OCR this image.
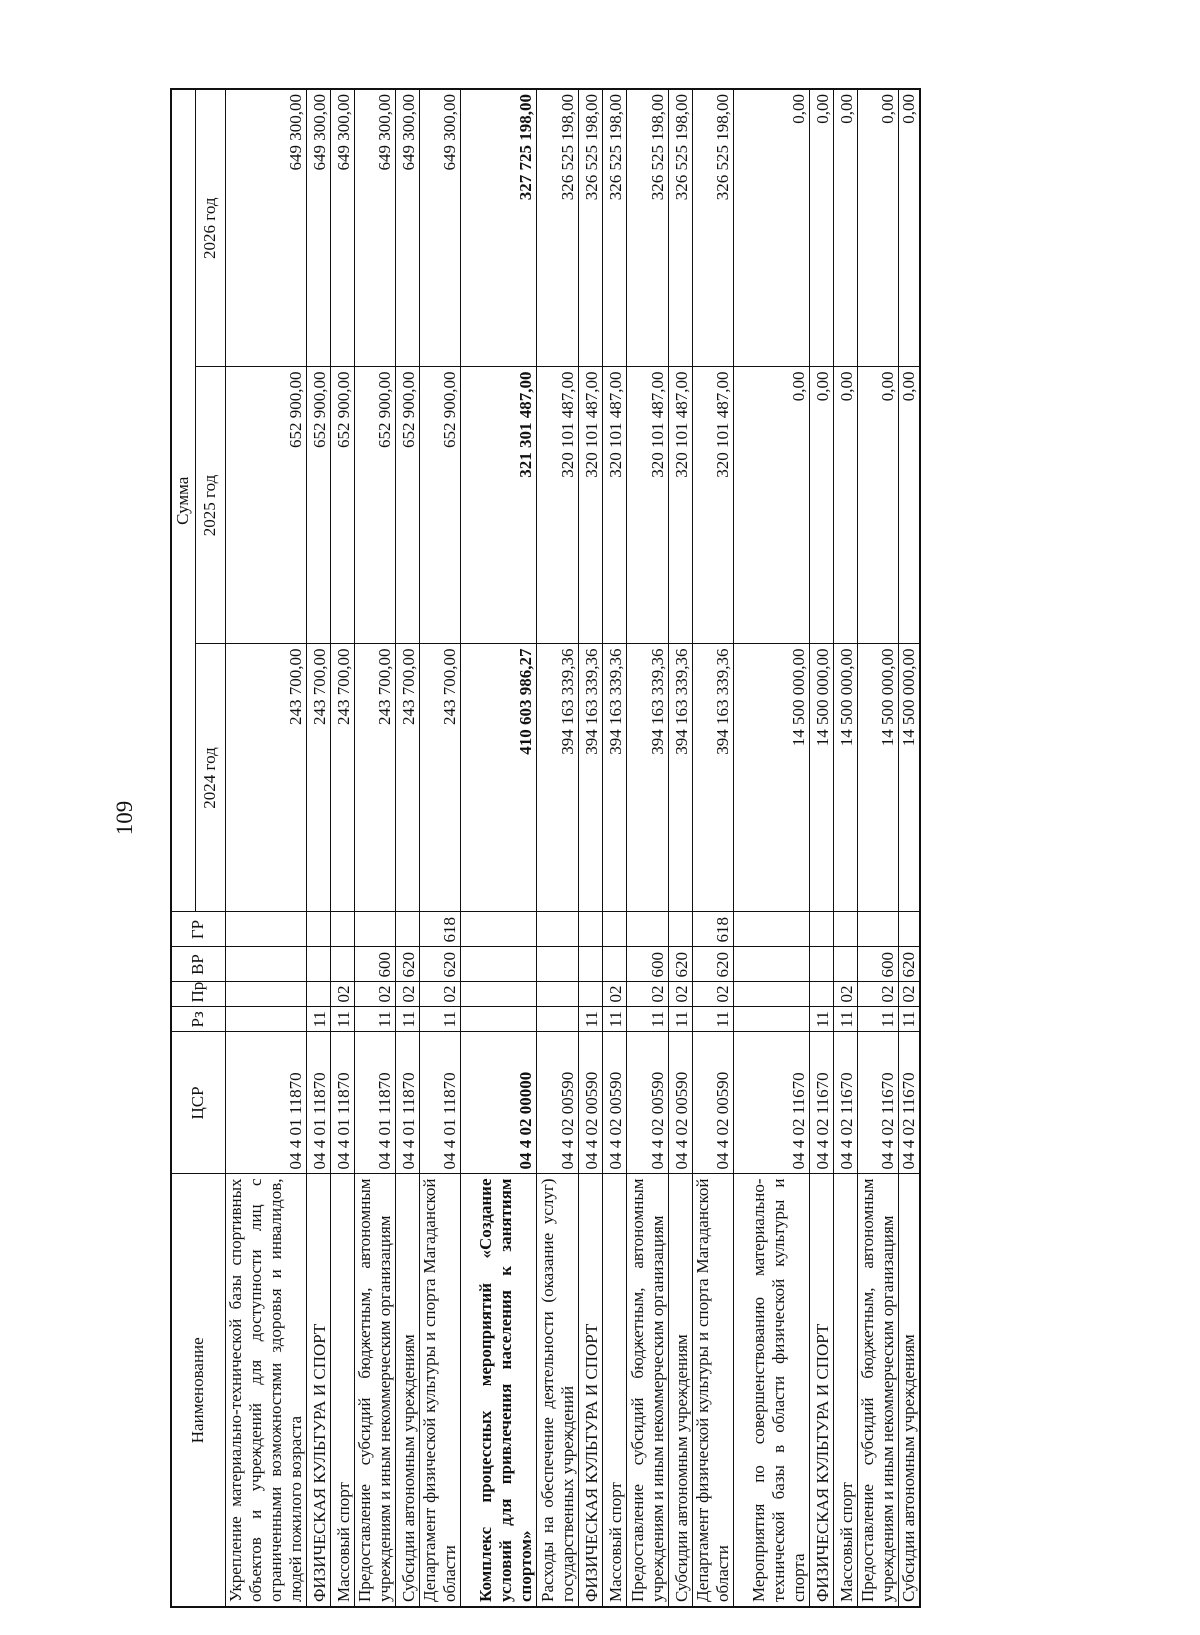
109
Наименование	ЦСР	Рз	Пр	ВР	ГР	Сумма		
						2024 год	2025 год	2026 год
Укрепление материально-технической базы спортивных объектов и учреждений для доступности лиц с ограниченными возможностями здоровья и инвалидов, людей пожилого возраста	04 4 01 11870					243 700,00	652 900,00	649 300,00
ФИЗИЧЕСКАЯ КУЛЬТУРА И СПОРТ	04 4 01 11870	11				243 700,00	652 900,00	649 300,00
Массовый спорт	04 4 01 11870	11	02			243 700,00	652 900,00	649 300,00
Предоставление субсидий бюджетным, автономным учреждениям и иным некоммерческим организациям	04 4 01 11870	11	02	600		243 700,00	652 900,00	649 300,00
Субсидии автономным учреждениям	04 4 01 11870	11	02	620		243 700,00	652 900,00	649 300,00
Департамент физической культуры и спорта Магаданской области	04 4 01 11870	11	02	620	618	243 700,00	652 900,00	649 300,00
Комплекс процессных мероприятий «Создание условий для привлечения населения к занятиям спортом»	04 4 02 00000					410 603 986,27	321 301 487,00	327 725 198,00
Расходы на обеспечение деятельности (оказание услуг) государственных учреждений	04 4 02 00590					394 163 339,36	320 101 487,00	326 525 198,00
ФИЗИЧЕСКАЯ КУЛЬТУРА И СПОРТ	04 4 02 00590	11				394 163 339,36	320 101 487,00	326 525 198,00
Массовый спорт	04 4 02 00590	11	02			394 163 339,36	320 101 487,00	326 525 198,00
Предоставление субсидий бюджетным, автономным учреждениям и иным некоммерческим организациям	04 4 02 00590	11	02	600		394 163 339,36	320 101 487,00	326 525 198,00
Субсидии автономным учреждениям	04 4 02 00590	11	02	620		394 163 339,36	320 101 487,00	326 525 198,00
Департамент физической культуры и спорта Магаданской области	04 4 02 00590	11	02	620	618	394 163 339,36	320 101 487,00	326 525 198,00
Мероприятия по совершенствованию материально-технической базы в области физической культуры и спорта	04 4 02 11670					14 500 000,00	0,00	0,00
ФИЗИЧЕСКАЯ КУЛЬТУРА И СПОРТ	04 4 02 11670	11				14 500 000,00	0,00	0,00
Массовый спорт	04 4 02 11670	11	02			14 500 000,00	0,00	0,00
Предоставление субсидий бюджетным, автономным учреждениям и иным некоммерческим организациям	04 4 02 11670	11	02	600		14 500 000,00	0,00	0,00
Субсидии автономным учреждениям	04 4 02 11670	11	02	620		14 500 000,00	0,00	0,00
